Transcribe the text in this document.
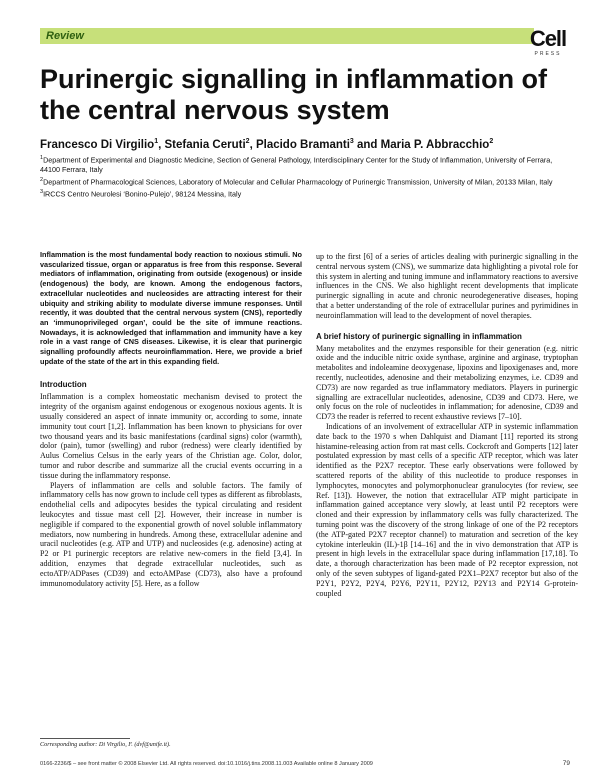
Review	Cell
PRESS
Purinergic signalling in inflammation of the central nervous system
Francesco Di Virgilio$^1$, Stefania Ceruti$^2$, Placido Bramanti$^3$ and Maria P. Abbracchio$^2$

$^1$Department of Experimental and Diagnostic Medicine, Section of General Pathology, Interdisciplinary Center for the Study of Inflammation, University of Ferrara, 44100 Ferrara, Italy

$^2$Department of Pharmacological Sciences, Laboratory of Molecular and Cellular Pharmacology of Purinergic Transmission, University of Milan, 20133 Milan, Italy

$^3$IRCCS Centro Neurolesi ‘Bonino-Pulejo’, 98124 Messina, Italy

Inflammation is the most fundamental body reaction to noxious stimuli. No vascularized tissue, organ or apparatus is free from this response. Several mediators of inflammation, originating from outside (exogenous) or inside (endogenous) the body, are known. Among the endogenous factors, extracellular nucleotides and nucleosides are attracting interest for their ubiquity and striking ability to modulate diverse immune responses. Until recently, it was doubted that the central nervous system (CNS), reportedly an ‘immunoprivileged organ’, could be the site of immune reactions. Nowadays, it is acknowledged that inflammation and immunity have a key role in a vast range of CNS diseases. Likewise, it is clear that purinergic signalling profoundly affects neuroinflammation. Here, we provide a brief update of the state of the art in this expanding field.

Introduction

Inflammation is a complex homeostatic mechanism devised to protect the integrity of the organism against endogenous or exogenous noxious agents. It is usually considered an aspect of innate immunity or, according to some, innate immunity tout court [1,2]. Inflammation has been known to physicians for over two thousand years and its basic manifestations (cardinal signs) color (warmth), dolor (pain), tumor (swelling) and rubor (redness) were clearly identified by Aulus Cornelius Celsus in the early years of the Christian age. Color, dolor, tumor and rubor describe and summarize all the crucial events occurring in a tissue during the inflammatory response.

Players of inflammation are cells and soluble factors. The family of inflammatory cells has now grown to include cell types as different as fibroblasts, endothelial cells and adipocytes besides the typical circulating and resident leukocytes and tissue mast cell [2]. However, their increase in number is negligible if compared to the exponential growth of novel soluble inflammatory mediators, now numbering in hundreds. Among these, extracellular adenine and uracil nucleotides (e.g. ATP and UTP) and nucleosides (e.g. adenosine) acting at P2 or P1 purinergic receptors are relative new-comers in the field [3,4]. In addition, enzymes that degrade extracellular nucleotides, such as ectoATP/ADPases (CD39) and ectoAMPase (CD73), also have a profound immunomodulatory activity [5]. Here, as a follow

up to the first [6] of a series of articles dealing with purinergic signalling in the central nervous system (CNS), we summarize data highlighting a pivotal role for this system in alerting and tuning immune and inflammatory reactions to aversive influences in the CNS. We also highlight recent developments that implicate purinergic signalling in acute and chronic neurodegenerative diseases, hoping that a better understanding of the role of extracellular purines and pyrimidines in neuroinflammation will lead to the development of novel therapies.

A brief history of purinergic signalling in inflammation

Many metabolites and the enzymes responsible for their generation (e.g. nitric oxide and the inducible nitric oxide synthase, arginine and arginase, tryptophan metabolites and indoleamine deoxygenase, lipoxins and lipoxigenases and, more recently, nucleotides, adenosine and their metabolizing enzymes, i.e. CD39 and CD73) are now regarded as true inflammatory mediators. Players in purinergic signalling are extracellular nucleotides, adenosine, CD39 and CD73. Here, we only focus on the role of nucleotides in inflammation; for adenosine, CD39 and CD73 the reader is referred to recent exhaustive reviews [7–10].

Indications of an involvement of extracellular ATP in systemic inflammation date back to the 1970 s when Dahlquist and Diamant [11] reported its strong histamine-releasing action from rat mast cells. Cockcroft and Gomperts [12] later postulated expression by mast cells of a specific ATP receptor, which was later identified as the P2X7 receptor. These early observations were followed by scattered reports of the ability of this nucleotide to produce responses in lymphocytes, monocytes and polymorphonuclear granulocytes (for review, see Ref. [13]). However, the notion that extracellular ATP might participate in inflammation gained acceptance very slowly, at least until P2 receptors were cloned and their expression by inflammatory cells was fully characterized. The turning point was the discovery of the strong linkage of one of the P2 receptors (the ATP-gated P2X7 receptor channel) to maturation and secretion of the key cytokine interleukin (IL)-1β [14–16] and the in vivo demonstration that ATP is present in high levels in the extracellular space during inflammation [17,18]. To date, a thorough characterization has been made of P2 receptor expression, not only of the seven subtypes of ligand-gated P2X1–P2X7 receptor but also of the P2Y1, P2Y2, P2Y4, P2Y6, P2Y11, P2Y12, P2Y13 and P2Y14 G-protein-coupled

Corresponding author: Di Virgilio, F. (dvf@unife.it).
0166-2236/$ – see front matter © 2008 Elsevier Ltd. All rights reserved. doi:10.1016/j.tins.2008.11.003 Available online 8 January 2009	79
